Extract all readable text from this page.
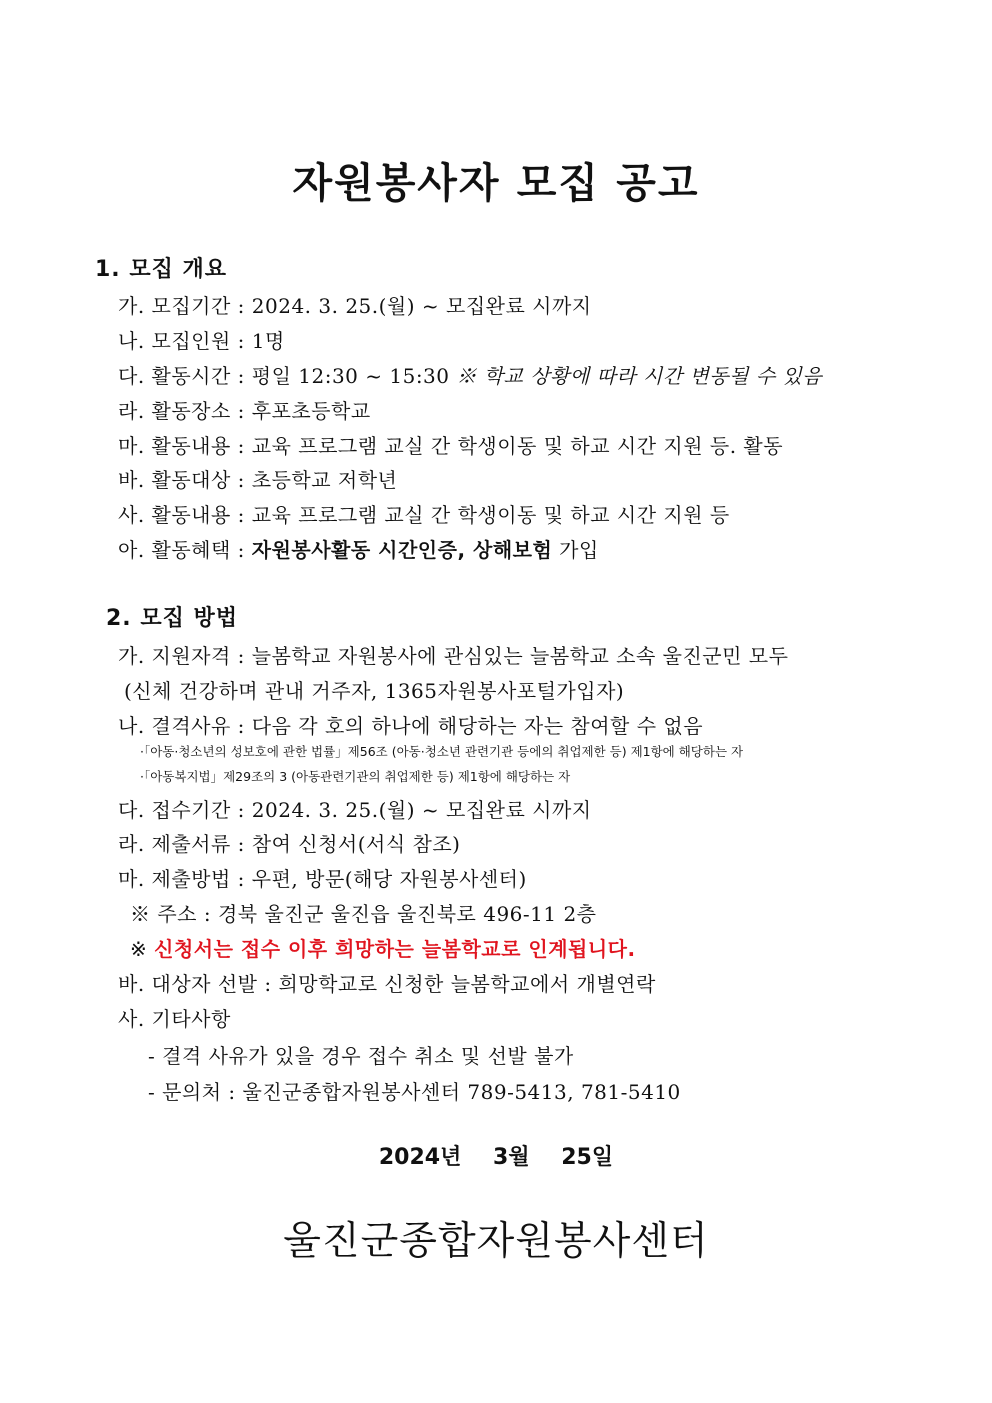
자원봉사자 모집 공고
1. 모집 개요
가. 모집기간 : 2024. 3. 25.(월) ~ 모집완료 시까지
나. 모집인원 : 1명
다. 활동시간 : 평일 12:30 ~ 15:30 ※ 학교 상황에 따라 시간 변동될 수 있음
라. 활동장소 : 후포초등학교
마. 활동내용 : 교육 프로그램 교실 간 학생이동 및 하교 시간 지원 등. 활동
바. 활동대상 : 초등학교 저학년
사. 활동내용 : 교육 프로그램 교실 간 학생이동 및 하교 시간 지원 등
아. 활동혜택 : 자원봉사활동 시간인증, 상해보험 가입
2. 모집 방법
가. 지원자격 : 늘봄학교 자원봉사에 관심있는 늘봄학교 소속 울진군민 모두
(신체 건강하며 관내 거주자, 1365자원봉사포털가입자)
나. 결격사유 : 다음 각 호의 하나에 해당하는 자는 참여할 수 없음
·「아동·청소년의 성보호에 관한 법률」제56조 (아동·청소년 관련기관 등에의 취업제한 등) 제1항에 해당하는 자
·「아동복지법」제29조의 3 (아동관련기관의 취업제한 등) 제1항에 해당하는 자
다. 접수기간 : 2024. 3. 25.(월) ~ 모집완료 시까지
라. 제출서류 : 참여 신청서(서식 참조)
마. 제출방법 : 우편, 방문(해당 자원봉사센터)
※ 주소 : 경북 울진군 울진읍 울진북로 496-11 2층
※ 신청서는 접수 이후 희망하는 늘봄학교로 인계됩니다.
바. 대상자 선발 : 희망학교로 신청한 늘봄학교에서 개별연락
사. 기타사항
- 결격 사유가 있을 경우 접수 취소 및 선발 불가
- 문의처 : 울진군종합자원봉사센터 789-5413, 781-5410
2024년 3월 25일
울진군종합자원봉사센터
